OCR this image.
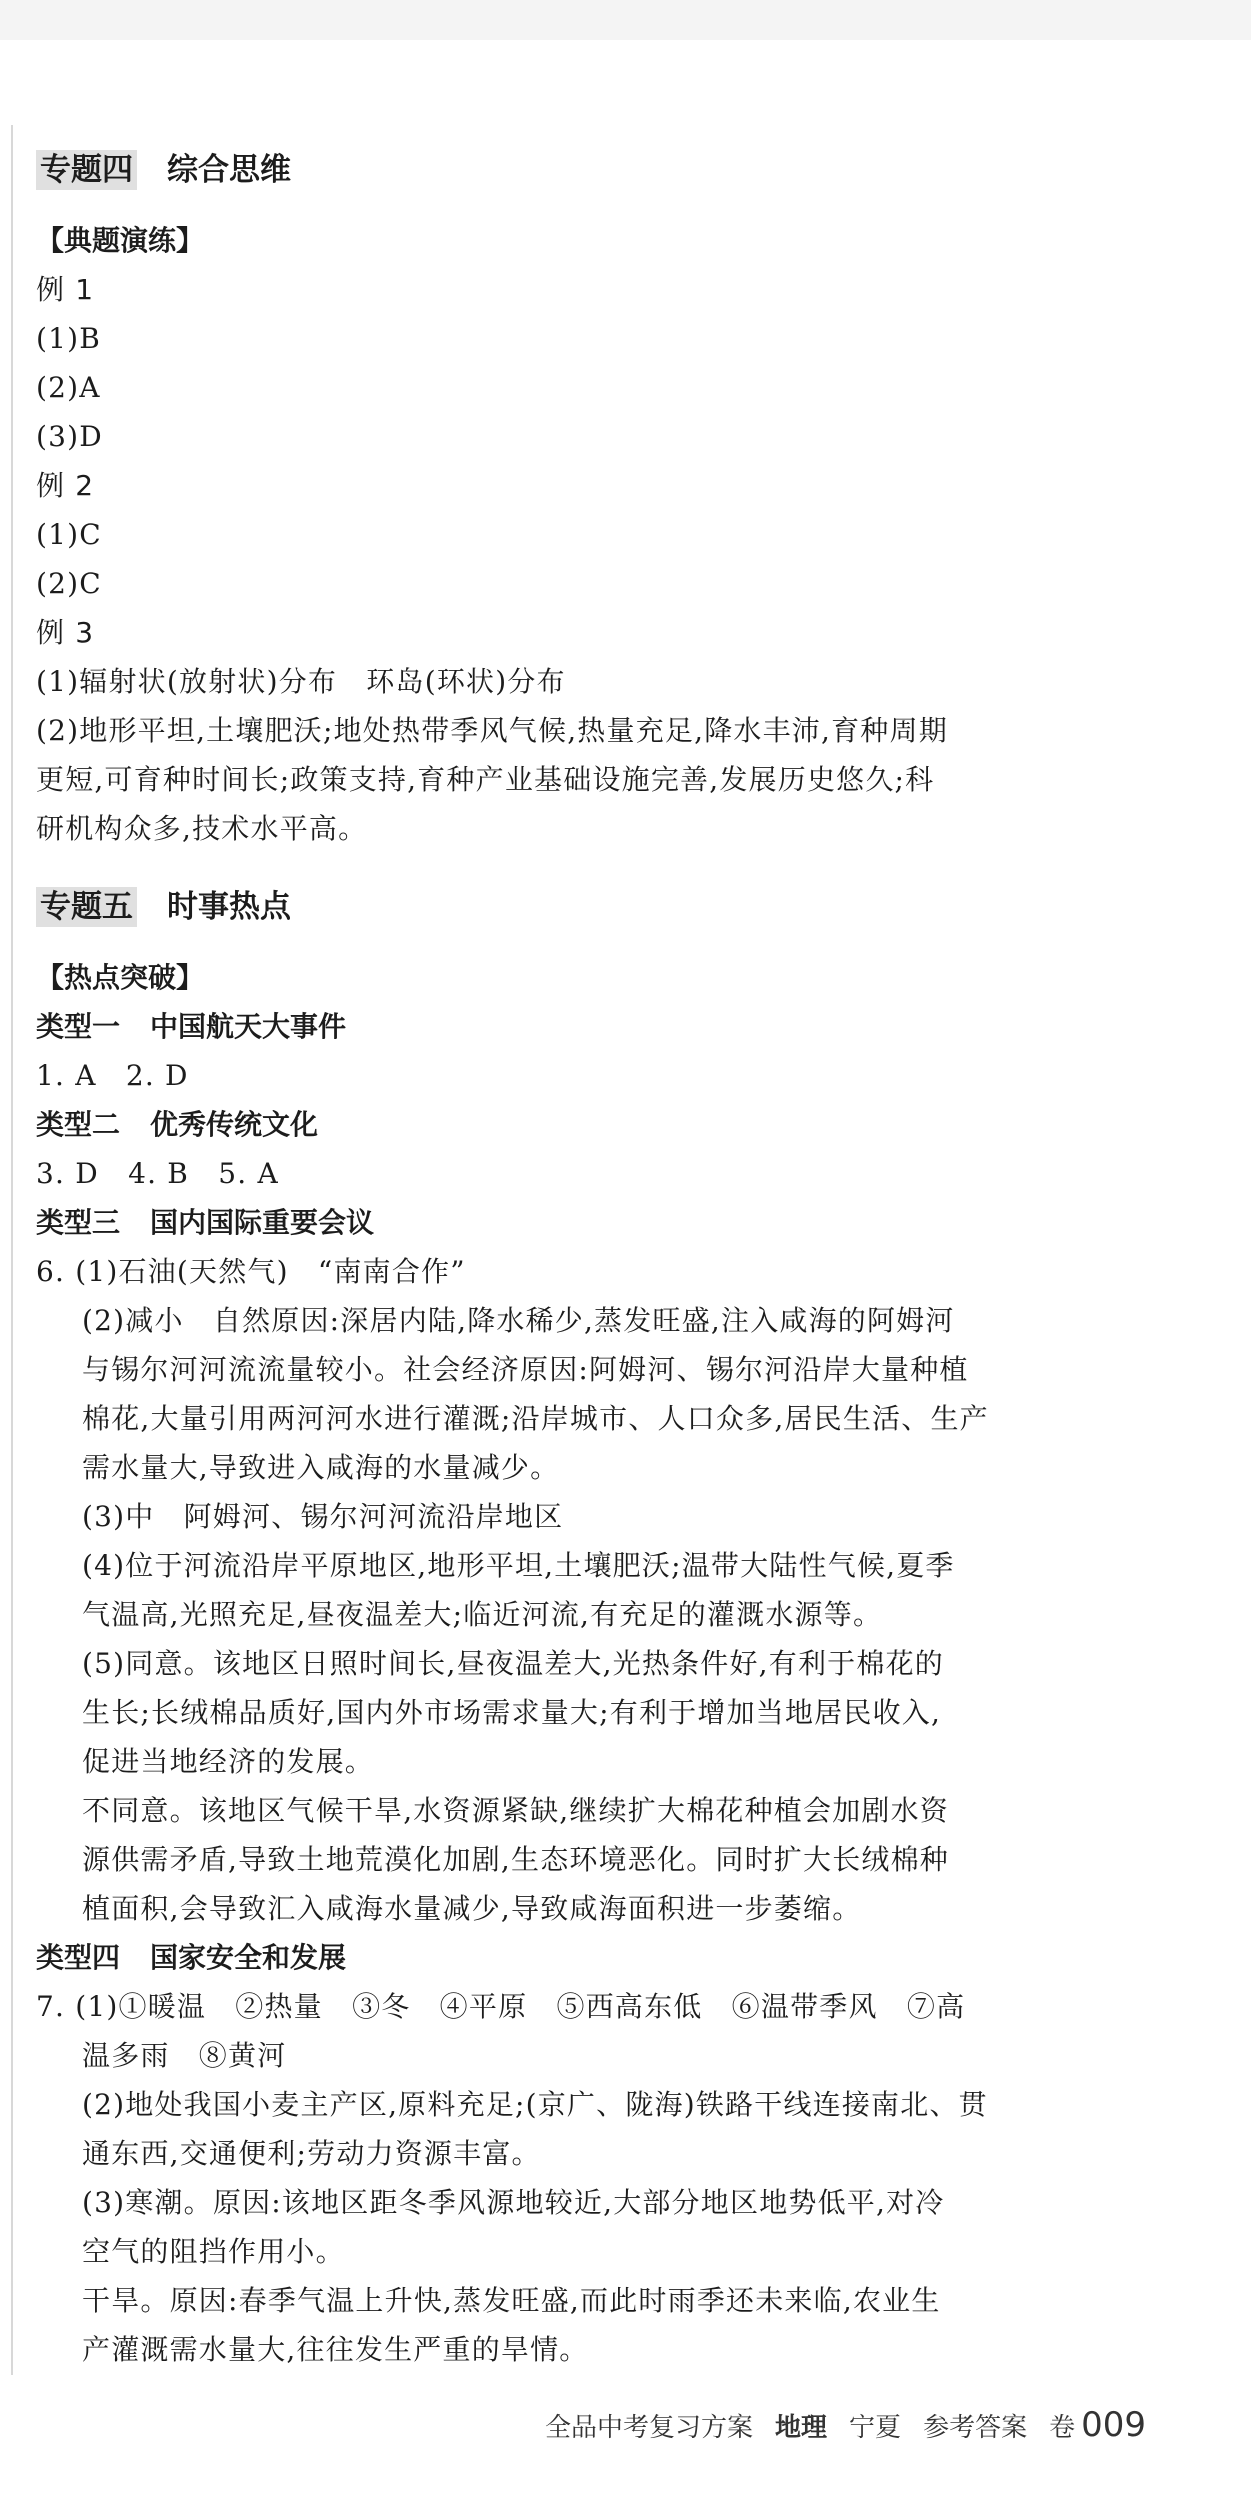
专题四 综合思维
【典题演练】
例 1
(1)B
(2)A
(3)D
例 2
(1)C
(2)C
例 3
(1)辐射状(放射状)分布　环岛(环状)分布
(2)地形平坦,土壤肥沃;地处热带季风气候,热量充足,降水丰沛,育种周期
更短,可育种时间长;政策支持,育种产业基础设施完善,发展历史悠久;科
研机构众多,技术水平高。
专题五 时事热点
【热点突破】
类型一 中国航天大事件
1. A　2. D
类型二 优秀传统文化
3. D　4. B　5. A
类型三 国内国际重要会议
6. (1)石油(天然气)　“南南合作”
(2)减小　自然原因:深居内陆,降水稀少,蒸发旺盛,注入咸海的阿姆河
与锡尔河河流流量较小。社会经济原因:阿姆河、锡尔河沿岸大量种植
棉花,大量引用两河河水进行灌溉;沿岸城市、人口众多,居民生活、生产
需水量大,导致进入咸海的水量减少。
(3)中　阿姆河、锡尔河河流沿岸地区
(4)位于河流沿岸平原地区,地形平坦,土壤肥沃;温带大陆性气候,夏季
气温高,光照充足,昼夜温差大;临近河流,有充足的灌溉水源等。
(5)同意。该地区日照时间长,昼夜温差大,光热条件好,有利于棉花的
生长;长绒棉品质好,国内外市场需求量大;有利于增加当地居民收入,
促进当地经济的发展。
不同意。该地区气候干旱,水资源紧缺,继续扩大棉花种植会加剧水资
源供需矛盾,导致土地荒漠化加剧,生态环境恶化。同时扩大长绒棉种
植面积,会导致汇入咸海水量减少,导致咸海面积进一步萎缩。
类型四 国家安全和发展
7. (1)①暖温　②热量　③冬　④平原　⑤西高东低　⑥温带季风　⑦高
温多雨　⑧黄河
(2)地处我国小麦主产区,原料充足;(京广、陇海)铁路干线连接南北、贯
通东西,交通便利;劳动力资源丰富。
(3)寒潮。原因:该地区距冬季风源地较近,大部分地区地势低平,对冷
空气的阻挡作用小。
干旱。原因:春季气温上升快,蒸发旺盛,而此时雨季还未来临,农业生
产灌溉需水量大,往往发生严重的旱情。
全品中考复习方案 地理 宁夏 参考答案 卷 009
